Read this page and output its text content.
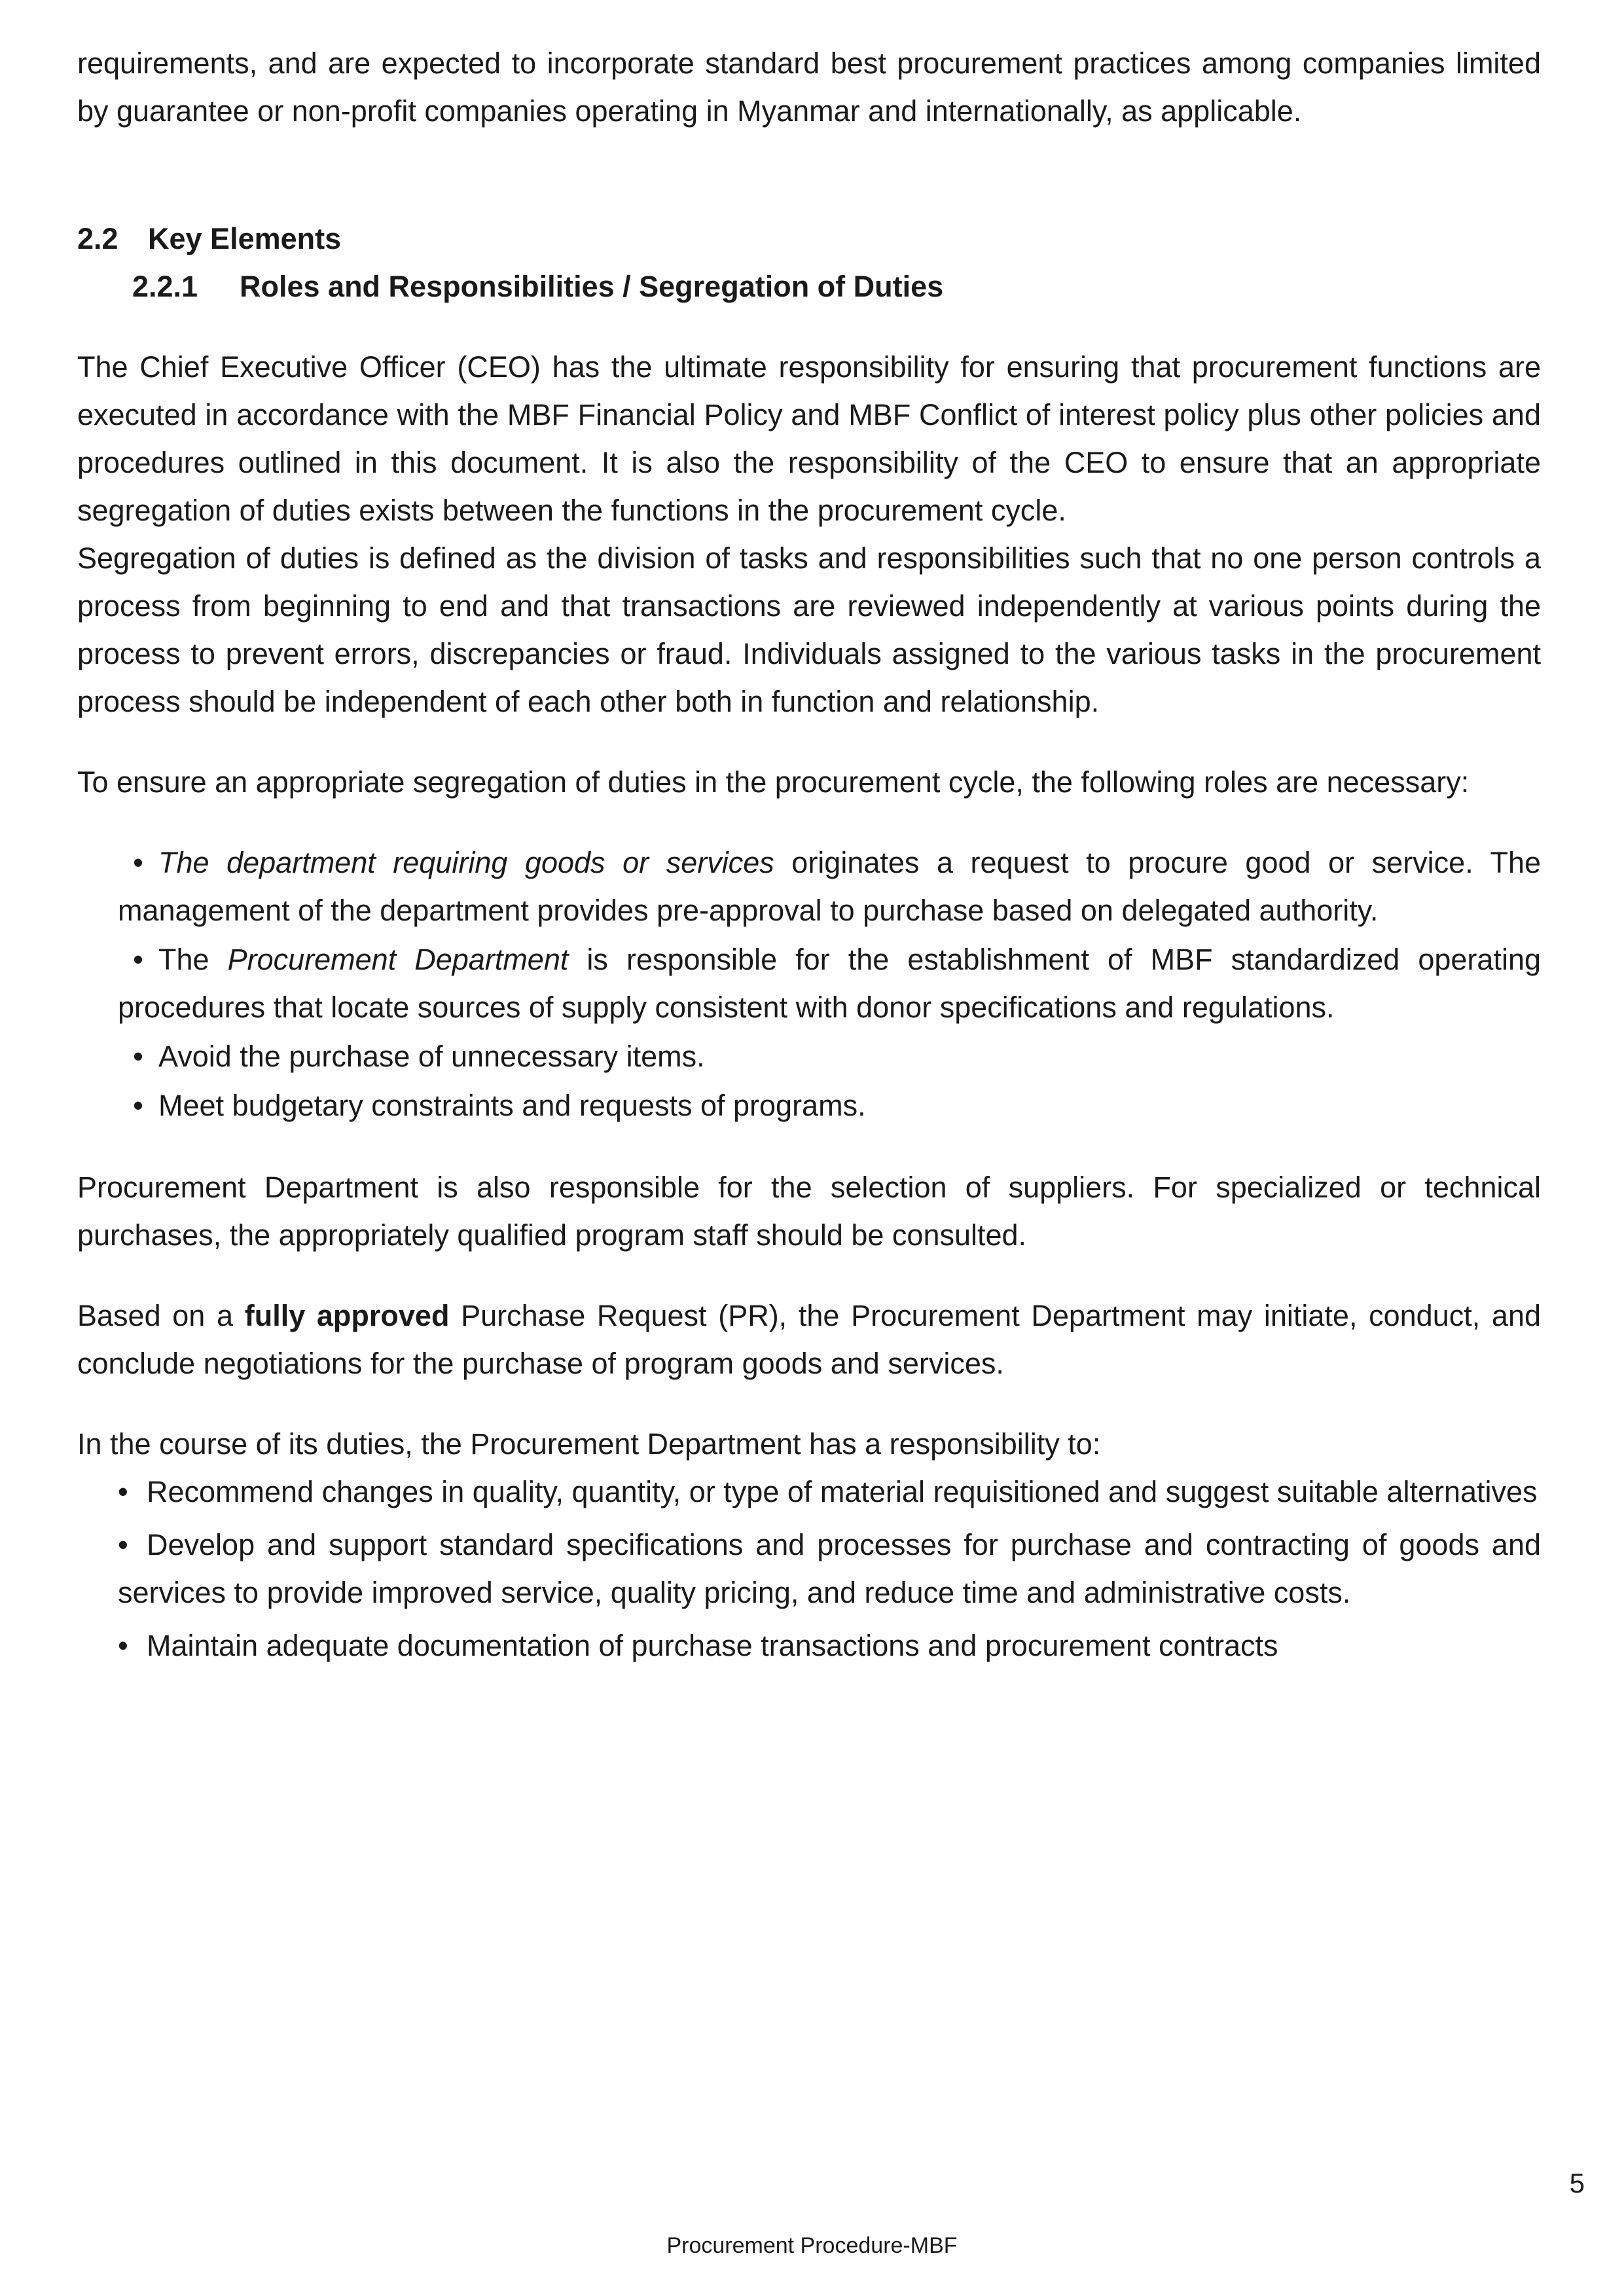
requirements, and are expected to incorporate standard best procurement practices among companies limited by guarantee or non-profit companies operating in Myanmar and internationally, as applicable.

2.2 Key Elements

2.2.1 Roles and Responsibilities / Segregation of Duties

The Chief Executive Officer (CEO) has the ultimate responsibility for ensuring that procurement functions are executed in accordance with the MBF Financial Policy and MBF Conflict of interest policy plus other policies and procedures outlined in this document. It is also the responsibility of the CEO to ensure that an appropriate segregation of duties exists between the functions in the procurement cycle.

Segregation of duties is defined as the division of tasks and responsibilities such that no one person controls a process from beginning to end and that transactions are reviewed independently at various points during the process to prevent errors, discrepancies or fraud. Individuals assigned to the various tasks in the procurement process should be independent of each other both in function and relationship.

To ensure an appropriate segregation of duties in the procurement cycle, the following roles are necessary:

• The department requiring goods or services originates a request to procure good or service. The management of the department provides pre-approval to purchase based on delegated authority.
• The Procurement Department is responsible for the establishment of MBF standardized operating procedures that locate sources of supply consistent with donor specifications and regulations.
• Avoid the purchase of unnecessary items.
• Meet budgetary constraints and requests of programs.

Procurement Department is also responsible for the selection of suppliers. For specialized or technical purchases, the appropriately qualified program staff should be consulted.

Based on a fully approved Purchase Request (PR), the Procurement Department may initiate, conduct, and conclude negotiations for the purchase of program goods and services.

In the course of its duties, the Procurement Department has a responsibility to:

• Recommend changes in quality, quantity, or type of material requisitioned and suggest suitable alternatives
• Develop and support standard specifications and processes for purchase and contracting of goods and services to provide improved service, quality pricing, and reduce time and administrative costs.
• Maintain adequate documentation of purchase transactions and procurement contracts
5
Procurement Procedure-MBF
